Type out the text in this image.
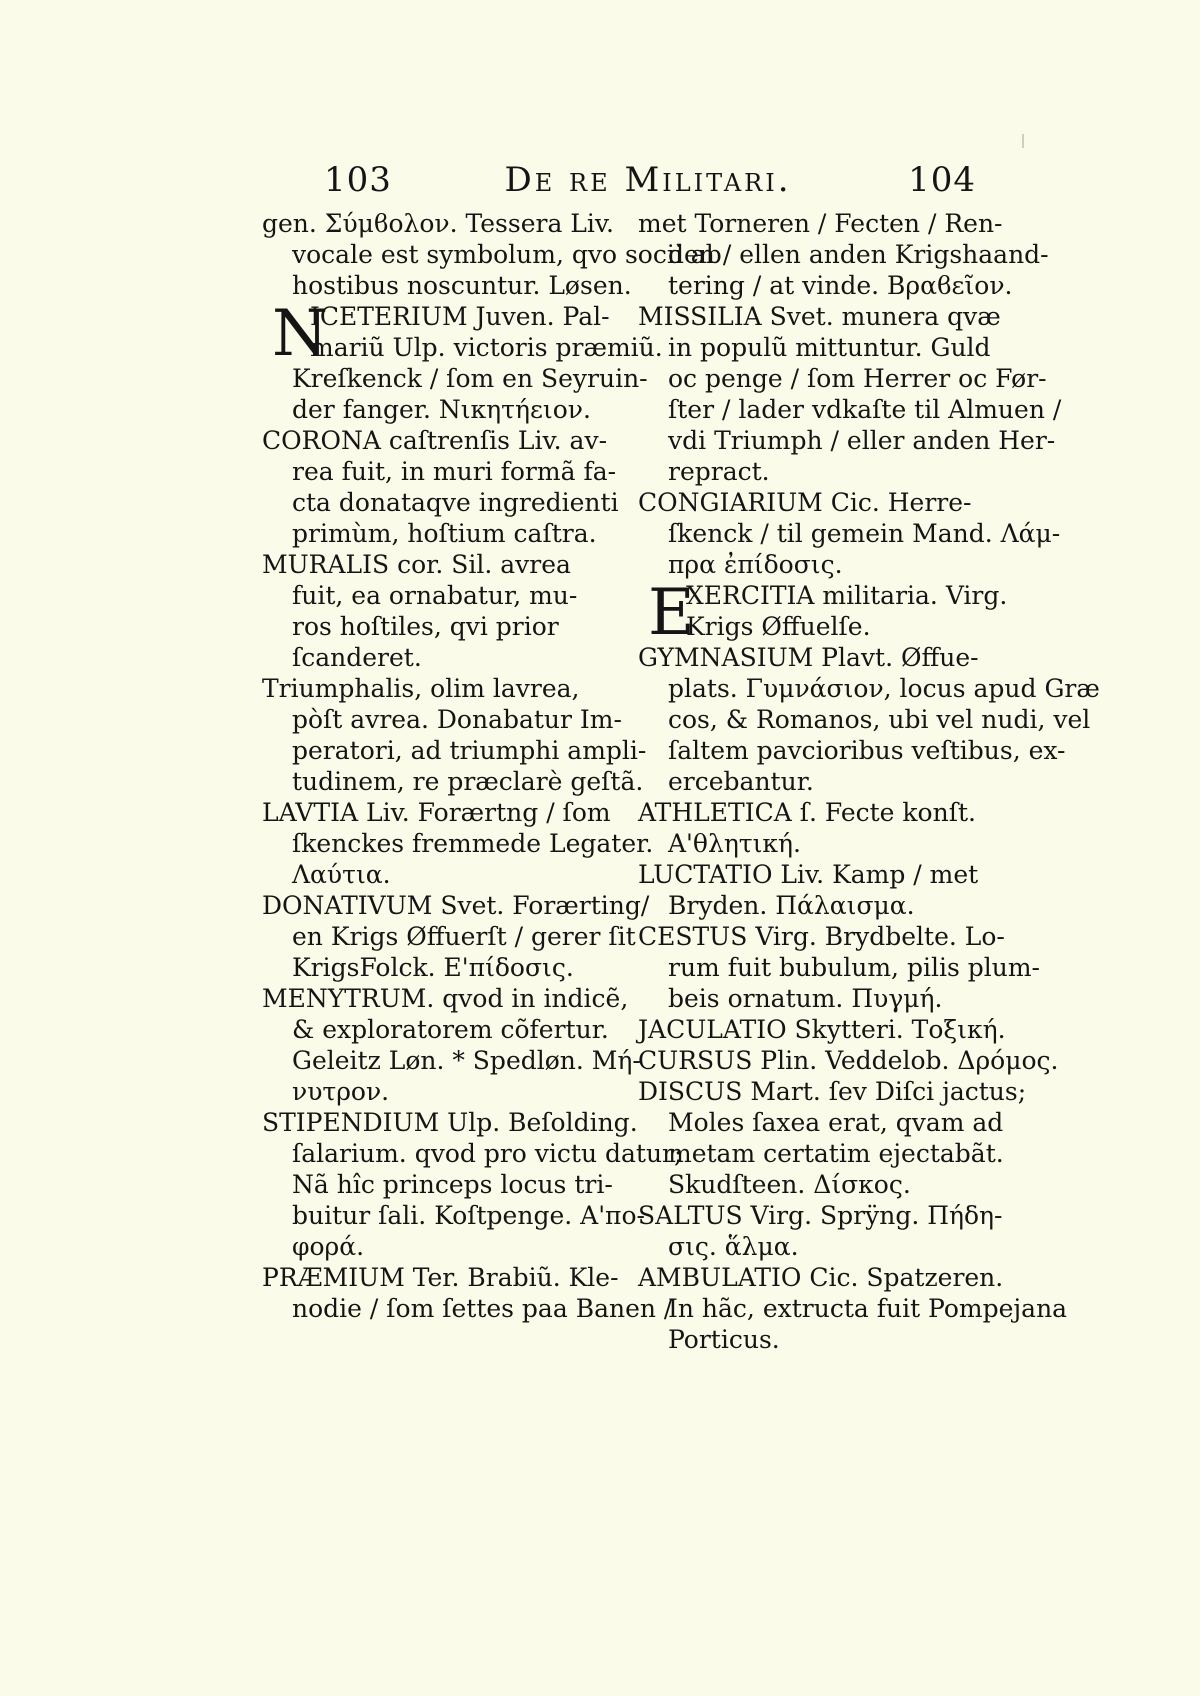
103	De re Militari.	104
gen. Σύμϐολον. Tessera Liv.
vocale est symbolum, qvo socii ab
hostibus noscuntur. Løsen.
N
ICETERIUM Juven. Pal-
mariũ Ulp. victoris præmiũ.
Kreſkenck / ſom en Seyruin-
der fanger. Νικητήειον.
CORONA caſtrenſis Liv. av-
rea fuit, in muri formã fa-
cta donataqve ingredienti
primùm, hoſtium caſtra.
MURALIS cor. Sil. avrea
fuit, ea ornabatur, mu-
ros hoſtiles, qvi prior
ſcanderet.
Triumphalis, olim lavrea,
pòſt avrea. Donabatur Im-
peratori, ad triumphi ampli-
tudinem, re præclarè geſtã.
LAVTIA Liv. Forærtng / ſom
ſkenckes fremmede Legater.
Λαύτια.
DONATIVUM Svet. Forærting/
en Krigs Øffuerſt / gerer ſit
KrigsFolck. Ε'πίδοσις.
MENYTRUM. qvod in indicẽ,
& exploratorem cõfertur.
Geleitz Løn. * Spedløn. Μή-
νυτρον.
STIPENDIUM Ulp. Beſolding.
ſalarium. qvod pro victu datur;
Nã hîc princeps locus tri-
buitur ſali. Koſtpenge. Α'πο-
φορά.
PRÆMIUM Ter. Brabiũ. Kle-
nodie / ſom ſettes paa Banen /
met Torneren / Fecten / Ren-
den / ellen anden Krigshaand-
tering / at vinde. Βραϐεῖον.
MISSILIA Svet. munera qvæ
in populũ mittuntur. Guld
oc penge / ſom Herrer oc Før-
ſter / lader vdkaſte til Almuen /
vdi Triumph / eller anden Her-
repract.
CONGIARIUM Cic. Herre-
ſkenck / til gemein Mand. Λάμ-
πρα ἐπίδοσις.
E
XERCITIA militaria. Virg.
Krigs Øffuelſe.
GYMNASIUM Plavt. Øffue-
plats. Γυμνάσιον, locus apud Græ
cos, & Romanos, ubi vel nudi, vel
ſaltem pavcioribus veſtibus, ex-
ercebantur.
ATHLETICA ſ. Fecte konſt.
Α'θλητική.
LUCTATIO Liv. Kamp / met
Bryden. Πάλαισμα.
CESTUS Virg. Brydbelte. Lo-
rum fuit bubulum, pilis plum-
beis ornatum. Πυγμή.
JACULATIO Skytteri. Τοξική.
CURSUS Plin. Veddelob. Δρόμος.
DISCUS Mart. ſev Diſci jactus;
Moles ſaxea erat, qvam ad
metam certatim ejectabãt.
Skudſteen. Δίσκος.
SALTUS Virg. Sprÿng. Πήδη-
σις. ἅλμα.
AMBULATIO Cic. Spatzeren.
In hãc, extructa fuit Pompejana
Porticus.
